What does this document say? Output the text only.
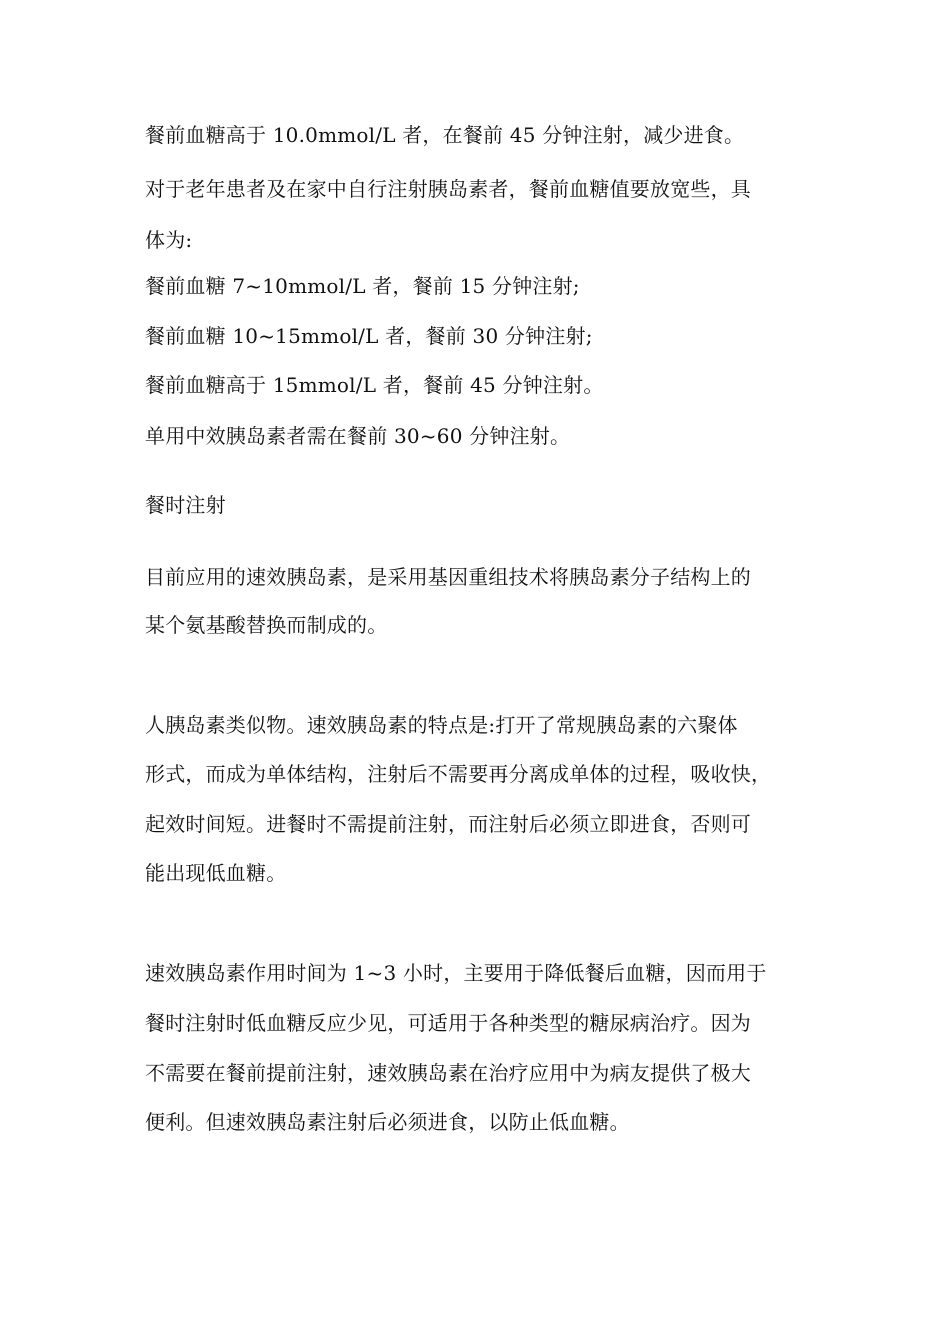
餐前血糖高于 10.0mmol/L 者，在餐前 45 分钟注射，减少进食。
对于老年患者及在家中自行注射胰岛素者，餐前血糖值要放宽些，具
体为:
餐前血糖 7~10mmol/L 者，餐前 15 分钟注射;
餐前血糖 10~15mmol/L 者，餐前 30 分钟注射;
餐前血糖高于 15mmol/L 者，餐前 45 分钟注射。
单用中效胰岛素者需在餐前 30~60 分钟注射。
餐时注射
目前应用的速效胰岛素，是采用基因重组技术将胰岛素分子结构上的
某个氨基酸替换而制成的。
人胰岛素类似物。速效胰岛素的特点是:打开了常规胰岛素的六聚体
形式，而成为单体结构，注射后不需要再分离成单体的过程，吸收快，
起效时间短。进餐时不需提前注射，而注射后必须立即进食，否则可
能出现低血糖。
速效胰岛素作用时间为 1~3 小时，主要用于降低餐后血糖，因而用于
餐时注射时低血糖反应少见，可适用于各种类型的糖尿病治疗。因为
不需要在餐前提前注射，速效胰岛素在治疗应用中为病友提供了极大
便利。但速效胰岛素注射后必须进食，以防止低血糖。
